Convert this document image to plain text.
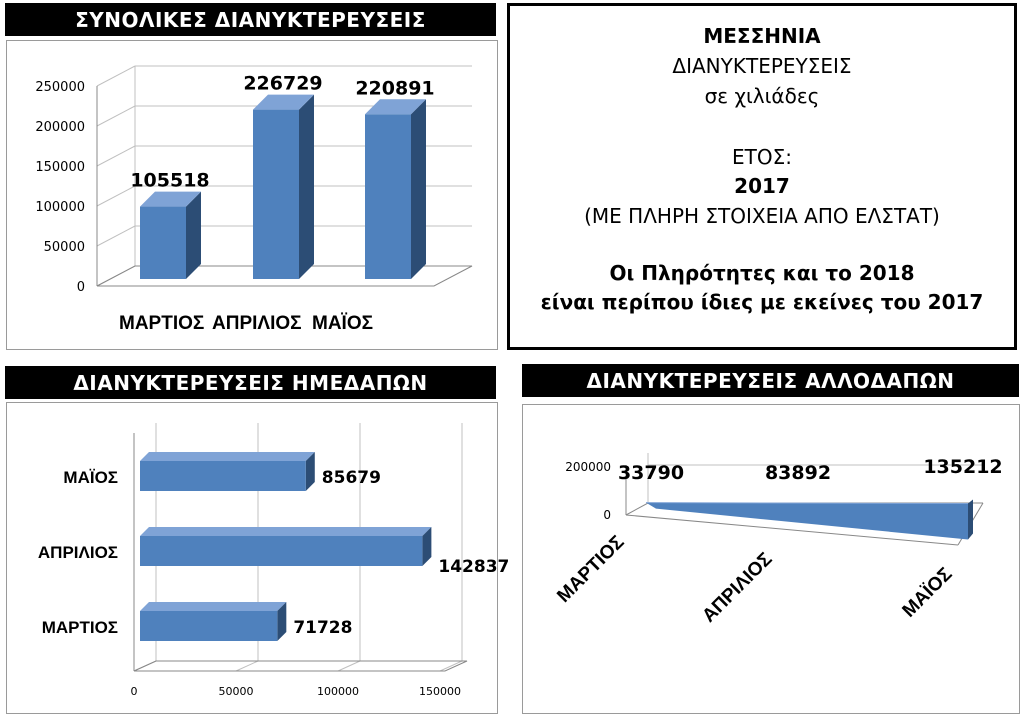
ΣΥΝΟΛΙΚΕΣ ΔΙΑΝΥΚΤΕΡΕΥΣΕΙΣ
ΔΙΑΝΥΚΤΕΡΕΥΣΕΙΣ ΗΜΕΔΑΠΩΝ	ΔΙΑΝΥΚΤΕΡΕΥΣΕΙΣ ΑΛΛΟΔΑΠΩΝ
ΜΕΣΣΗΝΙΑ
ΔΙΑΝΥΚΤΕΡΕΥΣΕΙΣ
σε χιλιάδες
ΕΤΟΣ:
2017
(ΜΕ ΠΛΗΡΗ ΣΤΟΙΧΕΙΑ ΑΠΟ ΕΛΣΤΑΤ)
Οι Πληρότητες και το 2018
είναι περίπου ίδιες με εκείνες του 2017
0
50000
100000
150000
200000
250000
105518
ΜΑΡΤΙΟΣ
226729
ΑΠΡΙΛΙΟΣ
220891
ΜΑΪΟΣ
0	50000	100000	150000
71728
ΜΑΡΤΙΟΣ
142837
ΑΠΡΙΛΙΟΣ
85679
ΜΑΪΟΣ
0
200000 33790	83892	135212
ΜΑΡΤΙΟΣ	ΑΠΡΙΛΙΟΣ	ΜΑΪΟΣ
